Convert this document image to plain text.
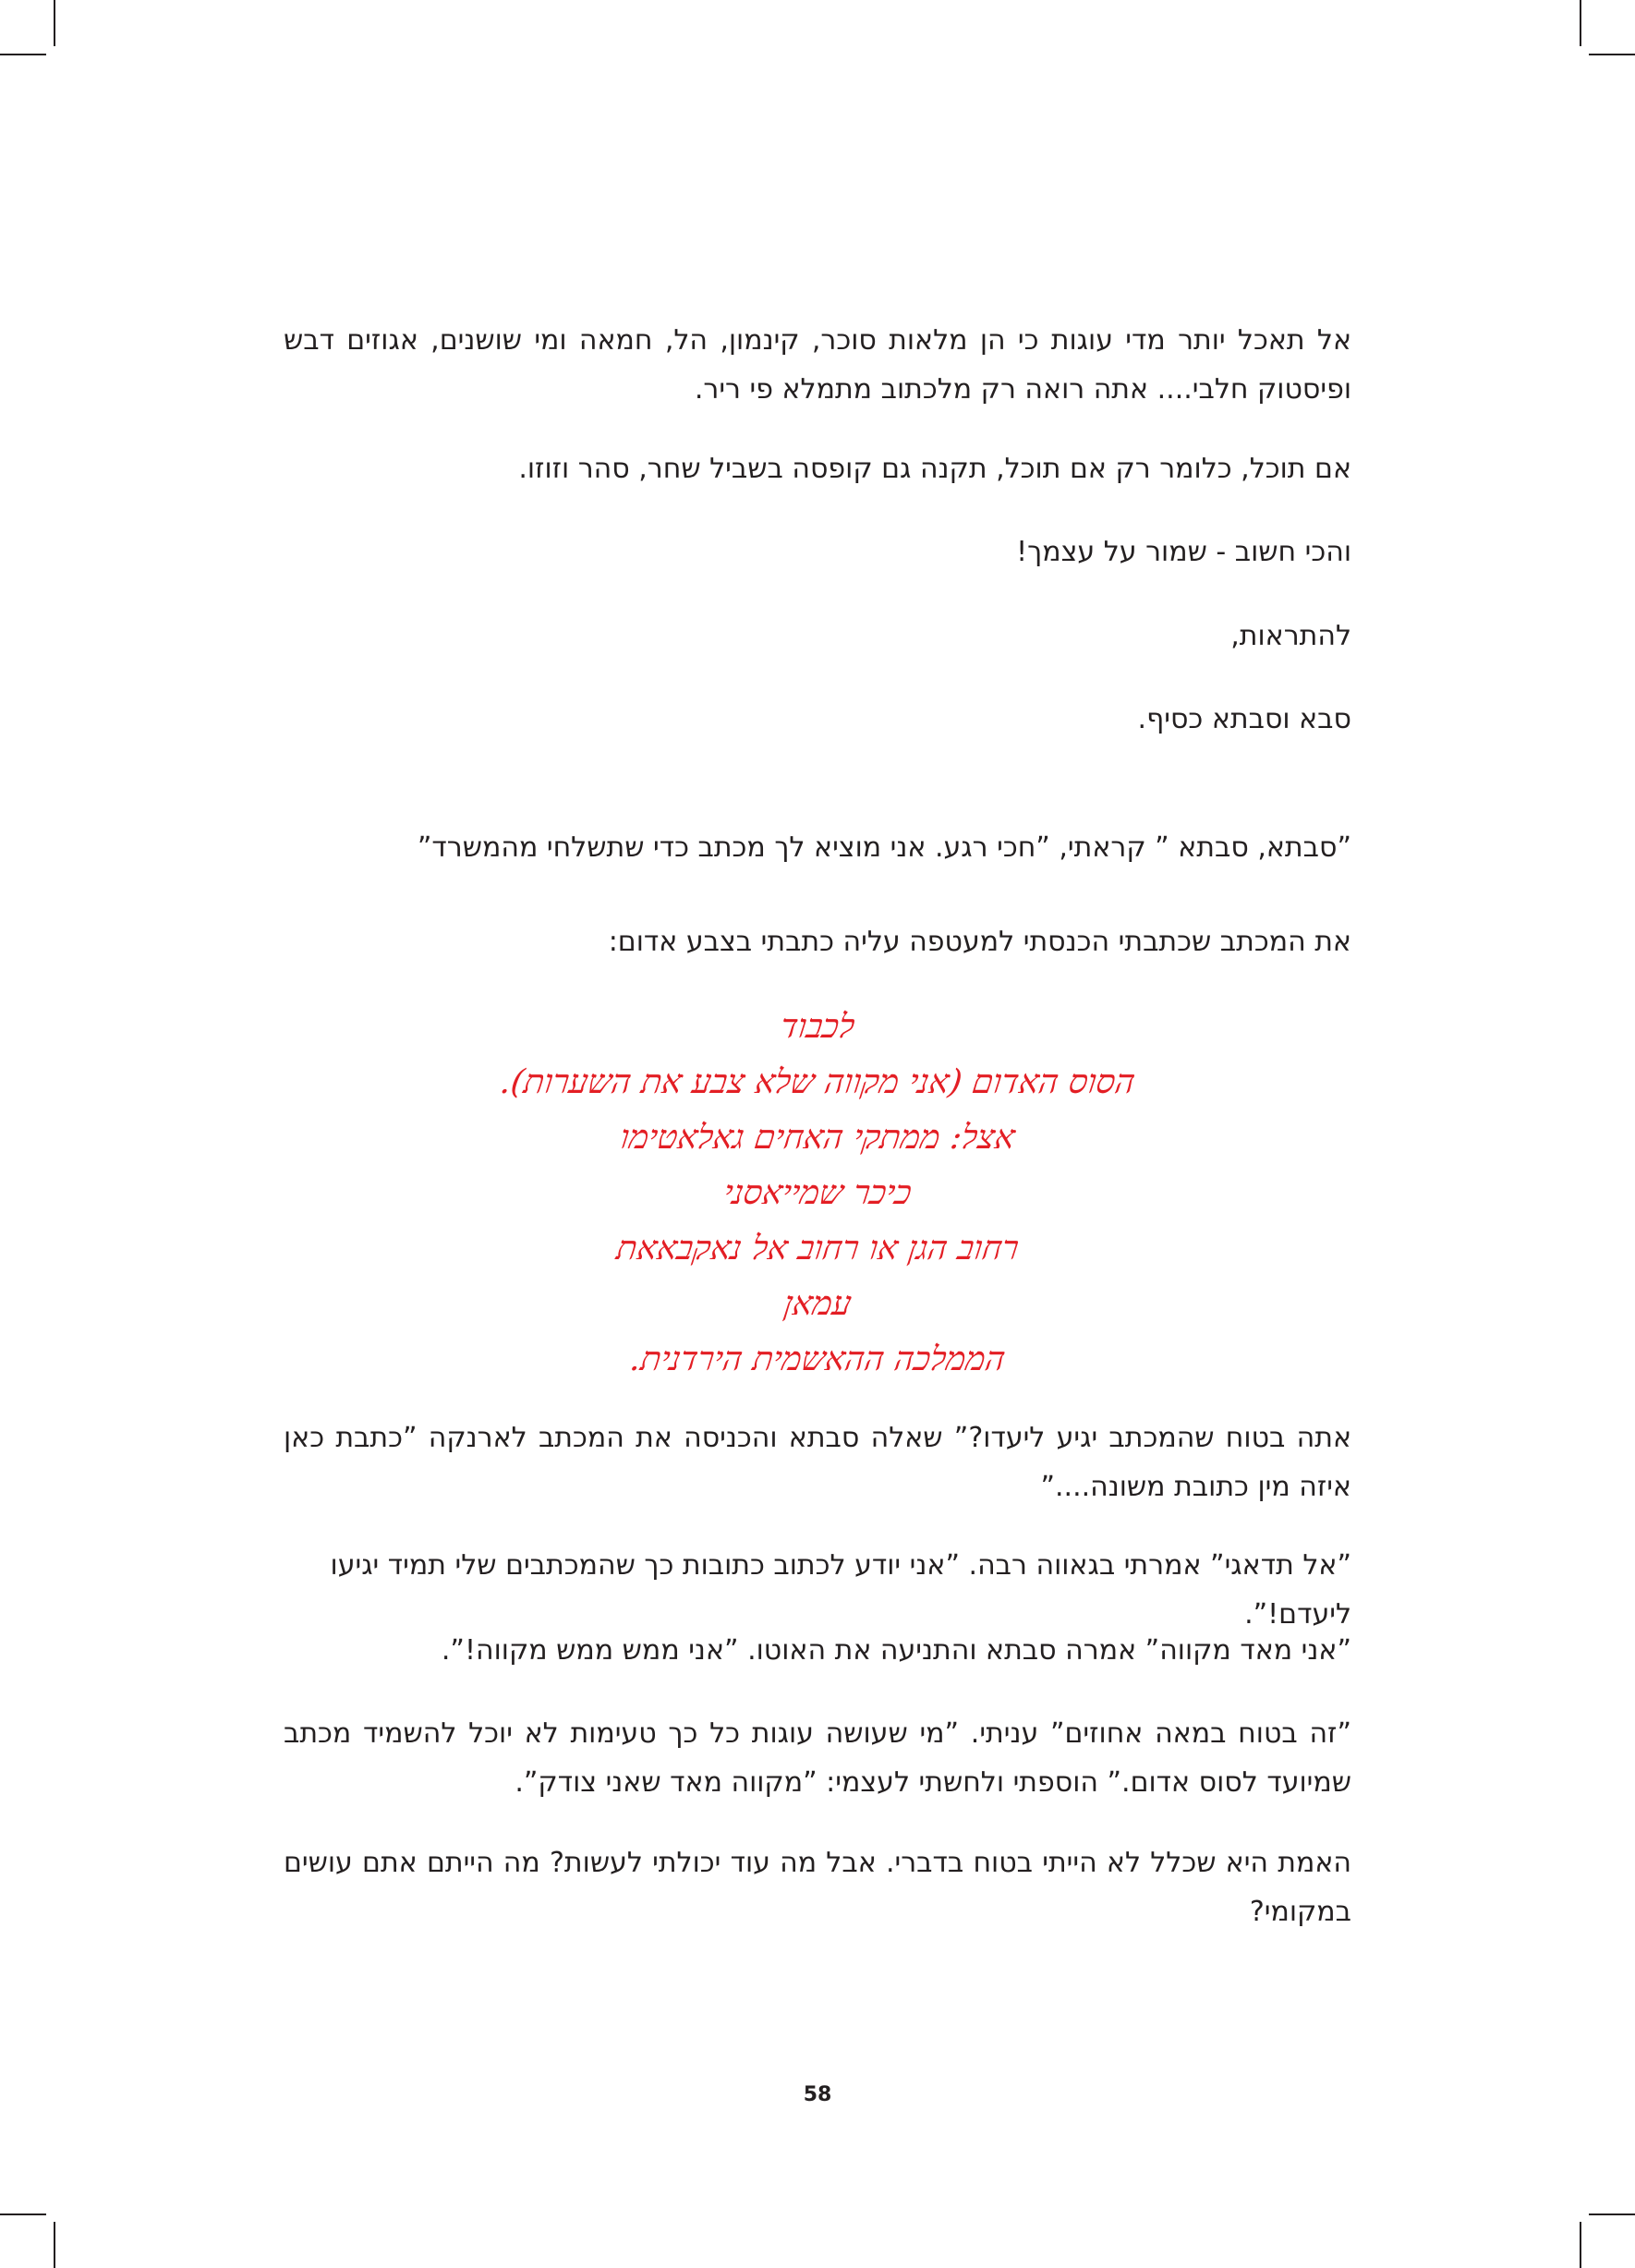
אל תאכל יותר מדי עוגות כי הן מלאות סוכר, קינמון, הל, חמאה ומי שושנים, אגוזים דבש ופיסטוק חלבי.... אתה רואה רק מלכתוב מתמלא פי ריר.

אם תוכל, כלומר רק אם תוכל, תקנה גם קופסה בשביל שחר, סהר וזוזו.

והכי חשוב - שמור על עצמך!

להתראות,

סבא וסבתא כסיף.

”סבתא, סבתא ” קראתי, ”חכי רגע. אני מוציא לך מכתב כדי שתשלחי מהמשרד”

את המכתב שכתבתי הכנסתי למעטפה עליה כתבתי בצבע אדום:

אתה בטוח שהמכתב יגיע ליעדו?” שאלה סבתא והכניסה את המכתב לארנקה ”כתבת כאן איזה מין כתובת משונה....”

”אל תדאגי” אמרתי בגאווה רבה. ”אני יודע לכתוב כתובות כך שהמכתבים שלי תמיד יגיעו ליעדם!”.

”אני מאד מקווה” אמרה סבתא והתניעה את האוטו. ”אני ממש ממש מקווה!”.

”זה בטוח במאה אחוזים” עניתי. ”מי שעושה עוגות כל כך טעימות לא יוכל להשמיד מכתב שמיועד לסוס אדום.” הוספתי ולחשתי לעצמי: ”מקווה מאד שאני צודק”.

האמת היא שכלל לא הייתי בטוח בדברי. אבל מה עוד יכולתי לעשות? מה הייתם אתם עושים במקומי?

לכבוד
הסוס האדום (אני מקווה שלא צבע את השערות).
אצל: ממתקי האחים גאלאטימו
כיכר שמייאסני
רחוב הגן או רחוב אל נאקבאאת
עמאן
הממלכה ההאשמית הירדנית.
58
